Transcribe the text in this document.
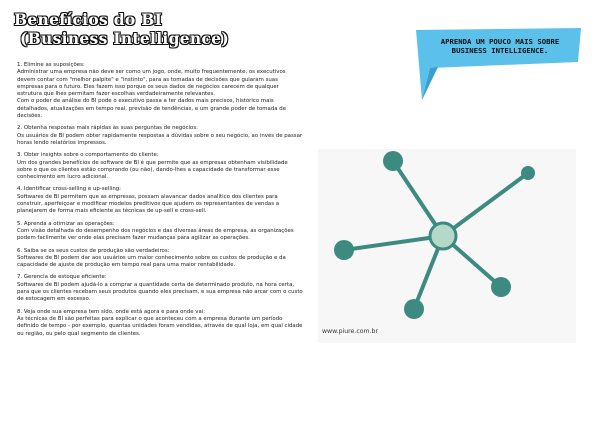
Benefícios do BI
(Business Intelligence)

1. Elimine as suposições:

Administrar uma empresa não deve ser como um jogo, onde, muito frequentemente, os executivos devem contar com "melhor palpite" e "instinto", para as tomadas de decisões que guiaram suas empresas para o futuro. Eles fazem isso porque os seus dados de negócios carecem de qualquer estrutura que lhes permitam fazer escolhas verdadeiramente relevantes.

Com o poder de análise do BI pode o executivo passa a ter dados mais precisos, histórico mais detalhados, atualizações em tempo real, previsão de tendências, e um grande poder de tomada de decisões.

2. Obtenha respostas mais rápidas às suas perguntas de negócios:

Os usuários de BI podem obter rapidamente respostas a dúvidas sobre o seu negócio, ao invés de passar horas lendo relatórios impressos.

3. Obter insights sobre o comportamento do cliente:

Um dos grandes benefícios de software de BI é que permite que as empresas obtenham visibilidade sobre o que os clientes estão comprando (ou não), dando-lhes a capacidade de transformar esse conhecimento em lucro adicional.

4. Identificar cross-selling e up-selling:

Softwares de BI permitem que as empresas, possam alavancar dados analítico dos clientes para construir, aperfeiçoar e modificar modelos preditivos que ajudem os representantes de vendas a planejarem de forma mais eficiente as técnicas de up-sell e cross-sell.

5. Aprenda a otimizar as operações:

Com visão detalhada do desempenho dos negócios e das diversas áreas de empresa, as organizações podem facilmente ver onde elas precisam fazer mudanças para agilizar as operações.

6. Saiba se os seus custos de produção são verdadeiros:

Softwares de BI podem dar aos usuários um maior conhecimento sobre os custos de produção e da capacidade de ajuste de produção em tempo real para uma maior rentabilidade.

7. Gerencia de estoque eficiente:

Softwares de BI podem ajudá-lo a comprar a quantidade certa de determinado produto, na hora certa, para que os clientes recebam seus produtos quando eles precisam, e sua empresa não arcar com o custo de estocagem em excesso.

8. Veja onde sua empresa tem sido, onde está agora e para onde vai:

As técnicas de BI são perfeitas para explicar o que aconteceu com a empresa durante um período definido de tempo - por exemplo, quantas unidades foram vendidas, através de qual loja, em qual cidade ou região, ou pelo qual segmento de clientes.

APRENDA UM POUCO MAIS SOBRE
BUSINESS INTELLIGENCE.
www.piure.com.br
